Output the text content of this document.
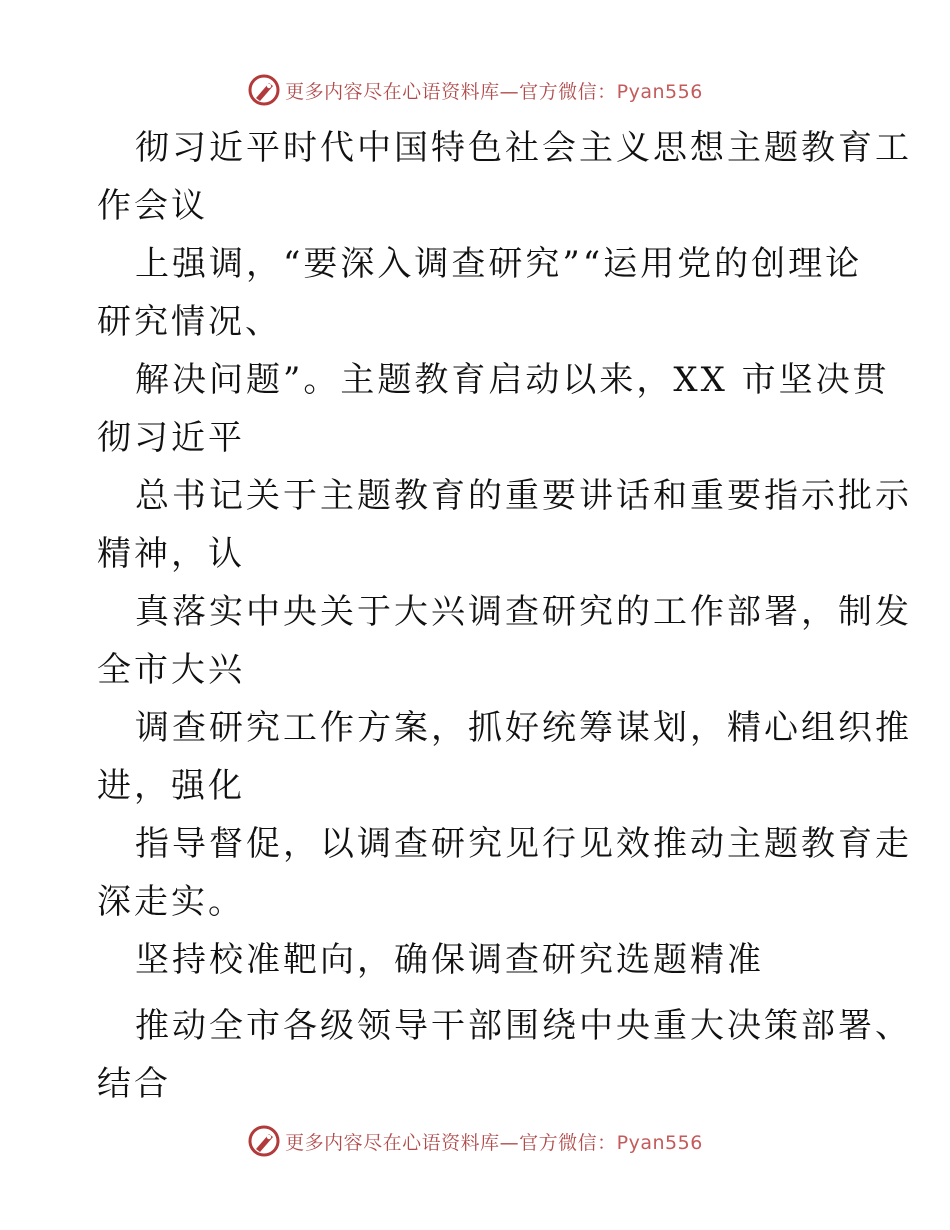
更多内容尽在心语资料库—官方微信：Pyan556
彻习近平时代中国特色社会主义思想主题教育工
作会议
上强调，“要深入调查研究”“运用党的创理论
研究情况、
解决问题”。主题教育启动以来，XX 市坚决贯
彻习近平
总书记关于主题教育的重要讲话和重要指示批示
精神，认
真落实中央关于大兴调查研究的工作部署，制发
全市大兴
调查研究工作方案，抓好统筹谋划，精心组织推
进，强化
指导督促，以调查研究见行见效推动主题教育走
深走实。
坚持校准靶向，确保调查研究选题精准
推动全市各级领导干部围绕中央重大决策部署、
结合
更多内容尽在心语资料库—官方微信：Pyan556
